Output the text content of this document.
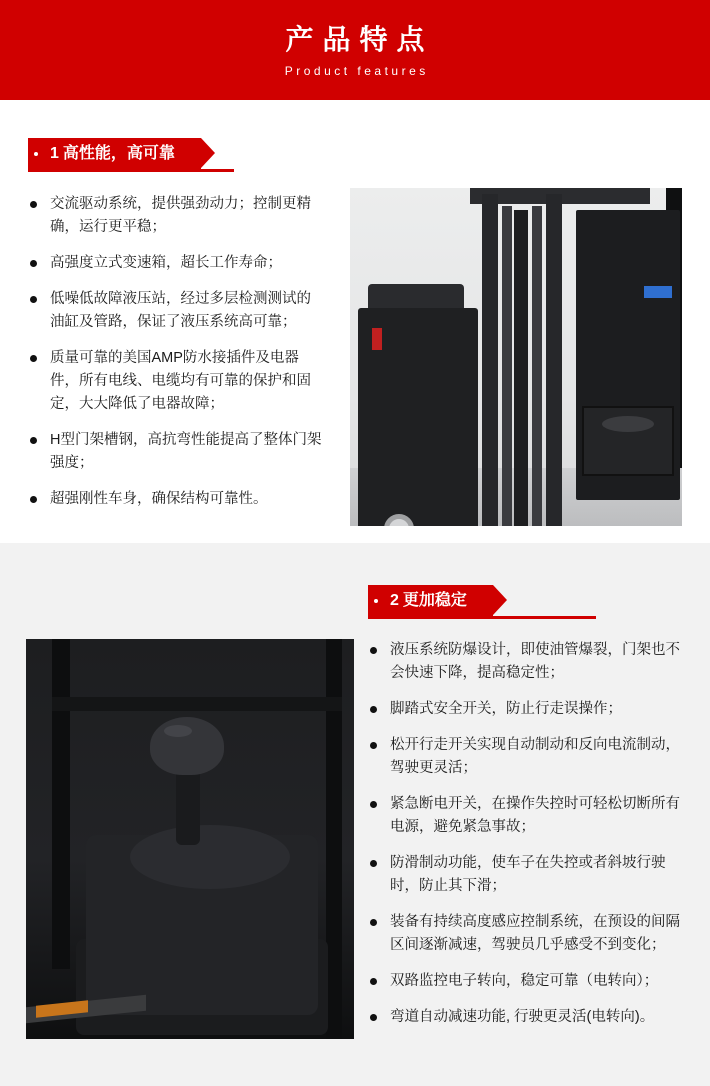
产品特点
Product features
1 高性能，高可靠
交流驱动系统，提供强劲动力；控制更精确，运行更平稳；
高强度立式变速箱，超长工作寿命；
低噪低故障液压站，经过多层检测测试的油缸及管路，保证了液压系统高可靠；
质量可靠的美国AMP防水接插件及电器件，所有电线、电缆均有可靠的保护和固定，大大降低了电器故障；
H型门架槽钢，高抗弯性能提高了整体门架强度；
超强刚性车身，确保结构可靠性。
2 更加稳定
液压系统防爆设计，即使油管爆裂，门架也不会快速下降，提高稳定性；
脚踏式安全开关，防止行走误操作；
松开行走开关实现自动制动和反向电流制动，驾驶更灵活；
紧急断电开关，在操作失控时可轻松切断所有电源，避免紧急事故；
防滑制动功能，使车子在失控或者斜坡行驶时，防止其下滑；
装备有持续高度感应控制系统，在预设的间隔区间逐渐减速，驾驶员几乎感受不到变化；
双路监控电子转向，稳定可靠（电转向）；
弯道自动减速功能, 行驶更灵活(电转向)。
